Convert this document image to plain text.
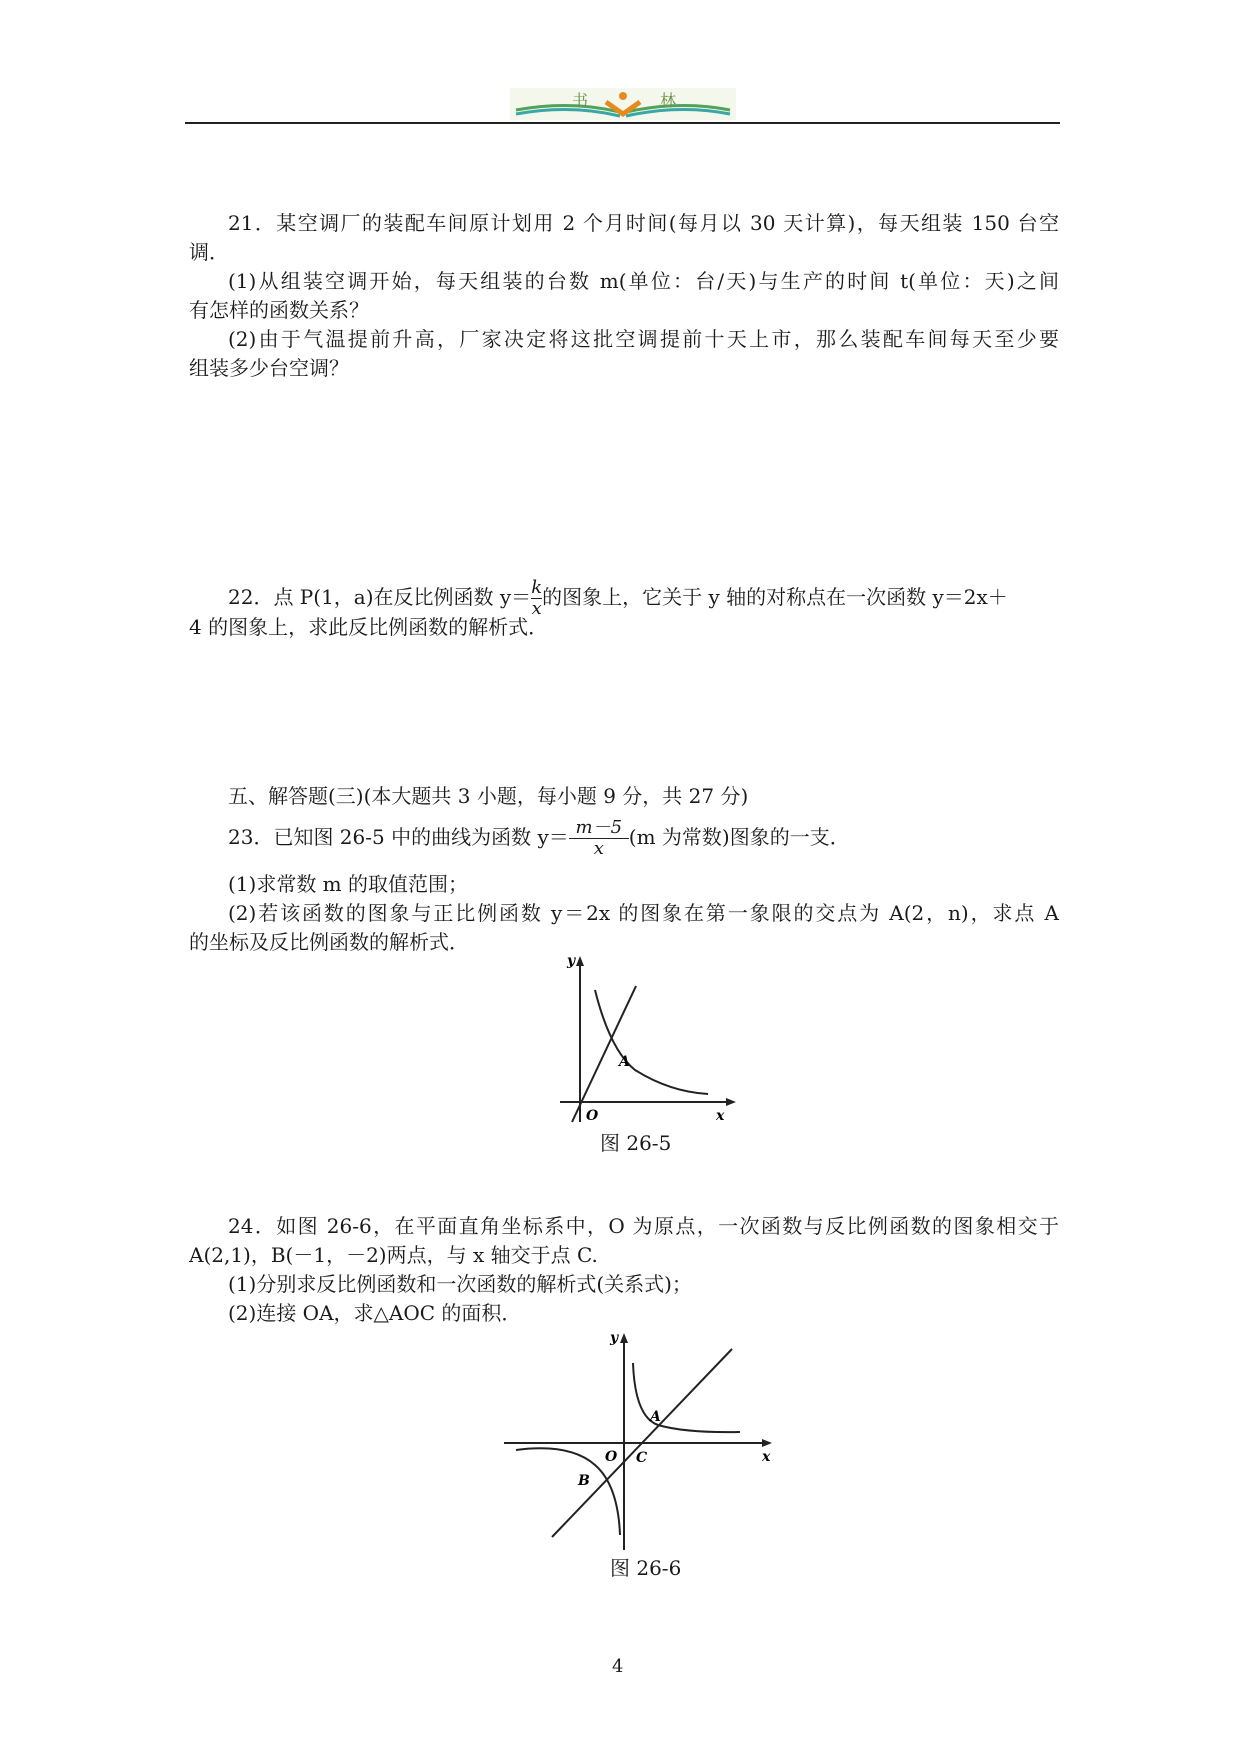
书	林
21．某空调厂的装配车间原计划用 2 个月时间(每月以 30 天计算)，每天组装 150 台空
调．
(1)从组装空调开始，每天组装的台数 m(单位：台/天)与生产的时间 t(单位：天)之间
有怎样的函数关系？
(2)由于气温提前升高，厂家决定将这批空调提前十天上市，那么装配车间每天至少要
组装多少台空调？
22．点 P(1，a)在反比例函数 $y= \frac{k}{x}$ 的图象上，它关于 y 轴的对称点在一次函数 y＝2x＋
4 的图象上，求此反比例函数的解析式．
五、解答题(三)(本大题共 3 小题，每小题 9 分，共 27 分)
23．已知图 26-5 中的曲线为函数 $y= \frac{m-5}{x} (m$ 为常数)图象的一支．
(1)求常数 m 的取值范围；
(2)若该函数的图象与正比例函数 y＝2x 的图象在第一象限的交点为 A(2，n)，求点 A
的坐标及反比例函数的解析式．
y
x
O
A
图 26-5
24．如图 26-6，在平面直角坐标系中，O 为原点，一次函数与反比例函数的图象相交于
A(2,1)，B(－1，－2)两点，与 x 轴交于点 C.
(1)分别求反比例函数和一次函数的解析式(关系式)；
(2)连接 OA，求△AOC 的面积．
y
x
O
A
B
C
图 26-6
4
